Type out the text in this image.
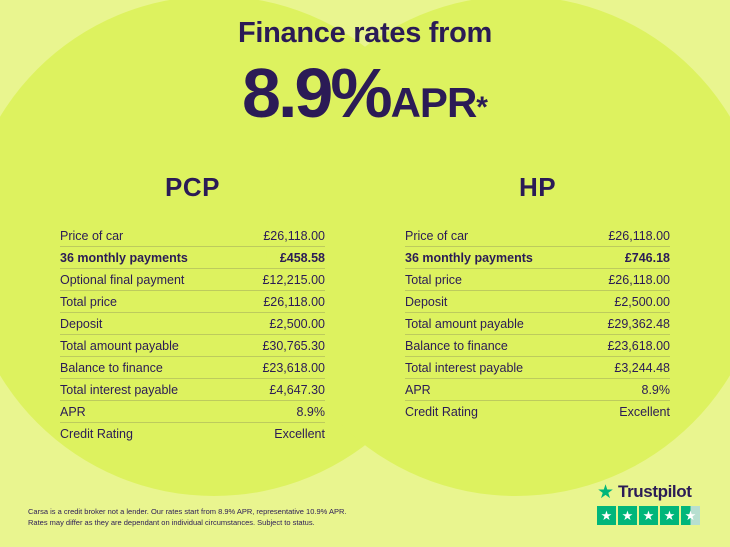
Finance rates from
8.9% APR *
PCP
Price of car	£26,118.00
36 monthly payments	£458.58
Optional final payment	£12,215.00
Total price	£26,118.00
Deposit	£2,500.00
Total amount payable	£30,765.30
Balance to finance	£23,618.00
Total interest payable	£4,647.30
APR	8.9%
Credit Rating	Excellent
HP
Price of car	£26,118.00
36 monthly payments	£746.18
Total price	£26,118.00
Deposit	£2,500.00
Total amount payable	£29,362.48
Balance to finance	£23,618.00
Total interest payable	£3,244.48
APR	8.9%
Credit Rating	Excellent
Carsa is a credit broker not a lender. Our rates start from 8.9% APR, representative 10.9% APR.
Rates may differ as they are dependant on individual circumstances. Subject to status.
★ Trustpilot
★ ★ ★ ★ ★
